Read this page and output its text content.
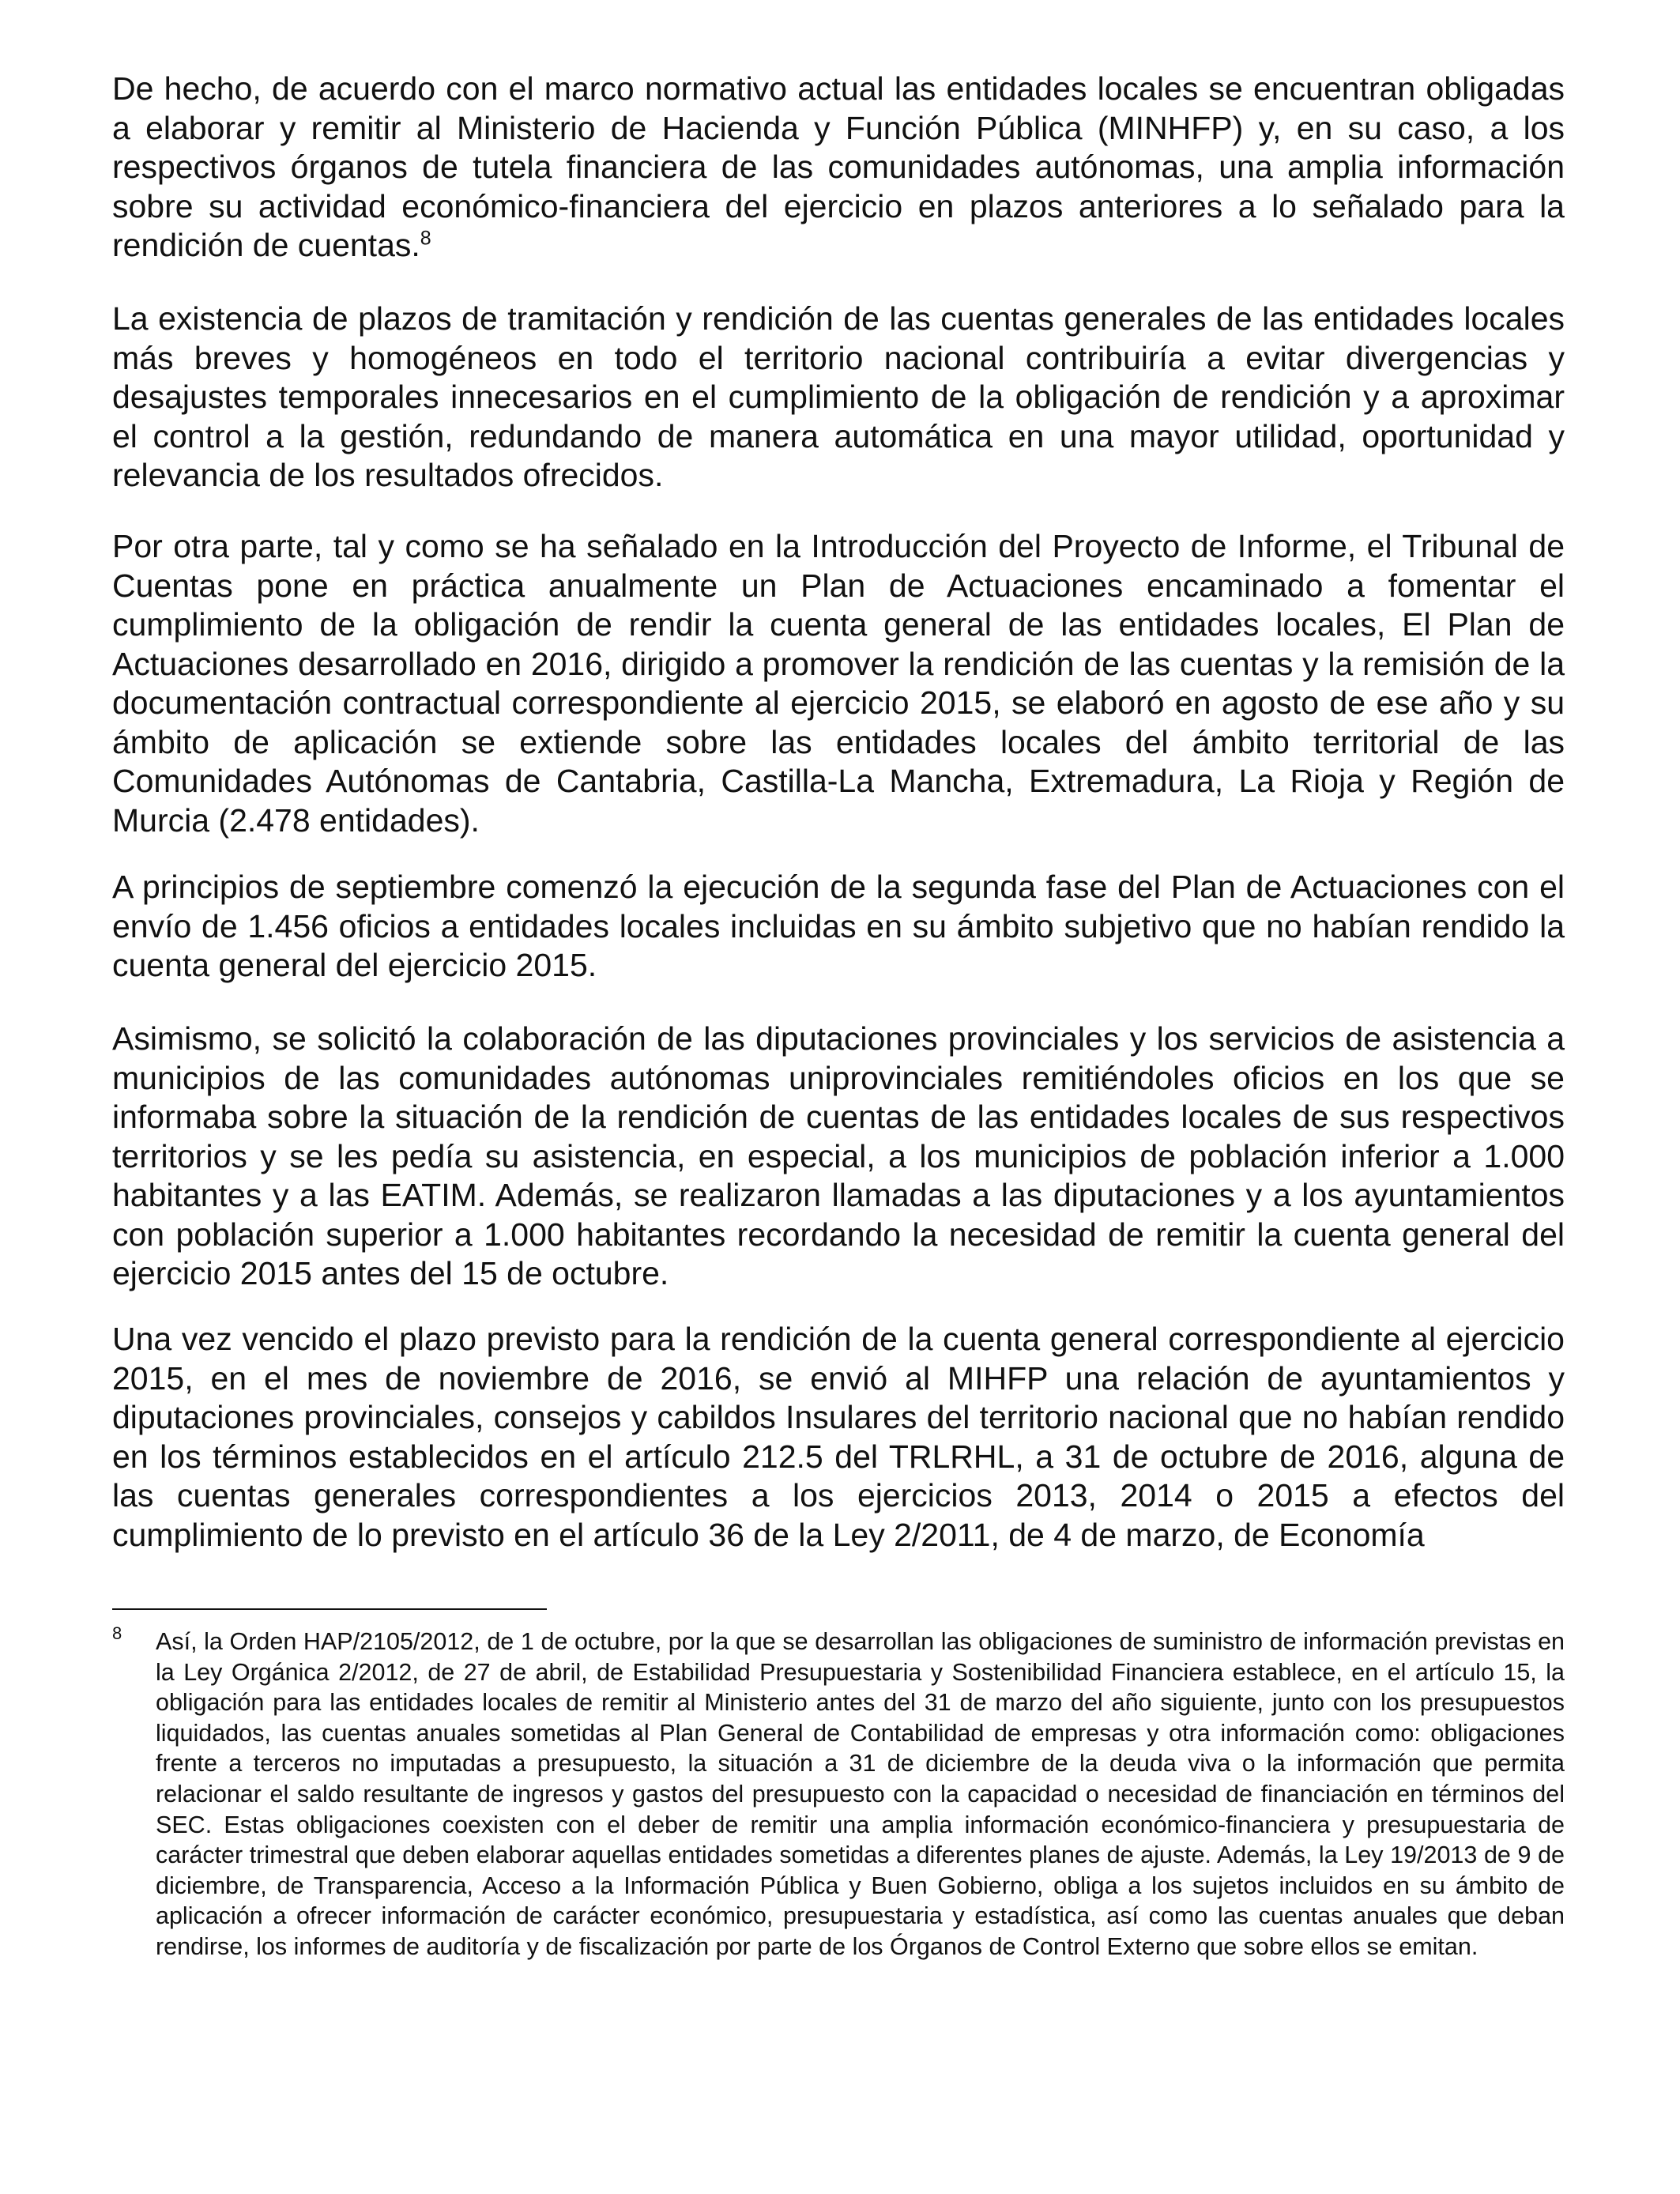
De hecho, de acuerdo con el marco normativo actual las entidades locales se encuentran obligadas a elaborar y remitir al Ministerio de Hacienda y Función Pública (MINHFP) y, en su caso, a los respectivos órganos de tutela financiera de las comunidades autónomas, una amplia información sobre su actividad económico-financiera del ejercicio en plazos anteriores a lo señalado para la rendición de cuentas.$^8$

La existencia de plazos de tramitación y rendición de las cuentas generales de las entidades locales más breves y homogéneos en todo el territorio nacional contribuiría a evitar divergencias y desajustes temporales innecesarios en el cumplimiento de la obligación de rendición y a aproximar el control a la gestión, redundando de manera automática en una mayor utilidad, oportunidad y relevancia de los resultados ofrecidos.

Por otra parte, tal y como se ha señalado en la Introducción del Proyecto de Informe, el Tribunal de Cuentas pone en práctica anualmente un Plan de Actuaciones encaminado a fomentar el cumplimiento de la obligación de rendir la cuenta general de las entidades locales, El Plan de Actuaciones desarrollado en 2016, dirigido a promover la rendición de las cuentas y la remisión de la documentación contractual correspondiente al ejercicio 2015, se elaboró en agosto de ese año y su ámbito de aplicación se extiende sobre las entidades locales del ámbito territorial de las Comunidades Autónomas de Cantabria, Castilla-La Mancha, Extremadura, La Rioja y Región de Murcia (2.478 entidades).

A principios de septiembre comenzó la ejecución de la segunda fase del Plan de Actuaciones con el envío de 1.456 oficios a entidades locales incluidas en su ámbito subjetivo que no habían rendido la cuenta general del ejercicio 2015.

Asimismo, se solicitó la colaboración de las diputaciones provinciales y los servicios de asistencia a municipios de las comunidades autónomas uniprovinciales remitiéndoles oficios en los que se informaba sobre la situación de la rendición de cuentas de las entidades locales de sus respectivos territorios y se les pedía su asistencia, en especial, a los municipios de población inferior a 1.000 habitantes y a las EATIM. Además, se realizaron llamadas a las diputaciones y a los ayuntamientos con población superior a 1.000 habitantes recordando la necesidad de remitir la cuenta general del ejercicio 2015 antes del 15 de octubre.

Una vez vencido el plazo previsto para la rendición de la cuenta general correspondiente al ejercicio 2015, en el mes de noviembre de 2016, se envió al MIHFP una relación de ayuntamientos y diputaciones provinciales, consejos y cabildos Insulares del territorio nacional que no habían rendido en los términos establecidos en el artículo 212.5 del TRLRHL, a 31 de octubre de 2016, alguna de las cuentas generales correspondientes a los ejercicios 2013, 2014 o 2015 a efectos del cumplimiento de lo previsto en el artículo 36 de la Ley 2/2011, de 4 de marzo, de Economía

8 Así, la Orden HAP/2105/2012, de 1 de octubre, por la que se desarrollan las obligaciones de suministro de información previstas en la Ley Orgánica 2/2012, de 27 de abril, de Estabilidad Presupuestaria y Sostenibilidad Financiera establece, en el artículo 15, la obligación para las entidades locales de remitir al Ministerio antes del 31 de marzo del año siguiente, junto con los presupuestos liquidados, las cuentas anuales sometidas al Plan General de Contabilidad de empresas y otra información como: obligaciones frente a terceros no imputadas a presupuesto, la situación a 31 de diciembre de la deuda viva o la información que permita relacionar el saldo resultante de ingresos y gastos del presupuesto con la capacidad o necesidad de financiación en términos del SEC. Estas obligaciones coexisten con el deber de remitir una amplia información económico-financiera y presupuestaria de carácter trimestral que deben elaborar aquellas entidades sometidas a diferentes planes de ajuste. Además, la Ley 19/2013 de 9 de diciembre, de Transparencia, Acceso a la Información Pública y Buen Gobierno, obliga a los sujetos incluidos en su ámbito de aplicación a ofrecer información de carácter económico, presupuestaria y estadística, así como las cuentas anuales que deban rendirse, los informes de auditoría y de fiscalización por parte de los Órganos de Control Externo que sobre ellos se emitan.
